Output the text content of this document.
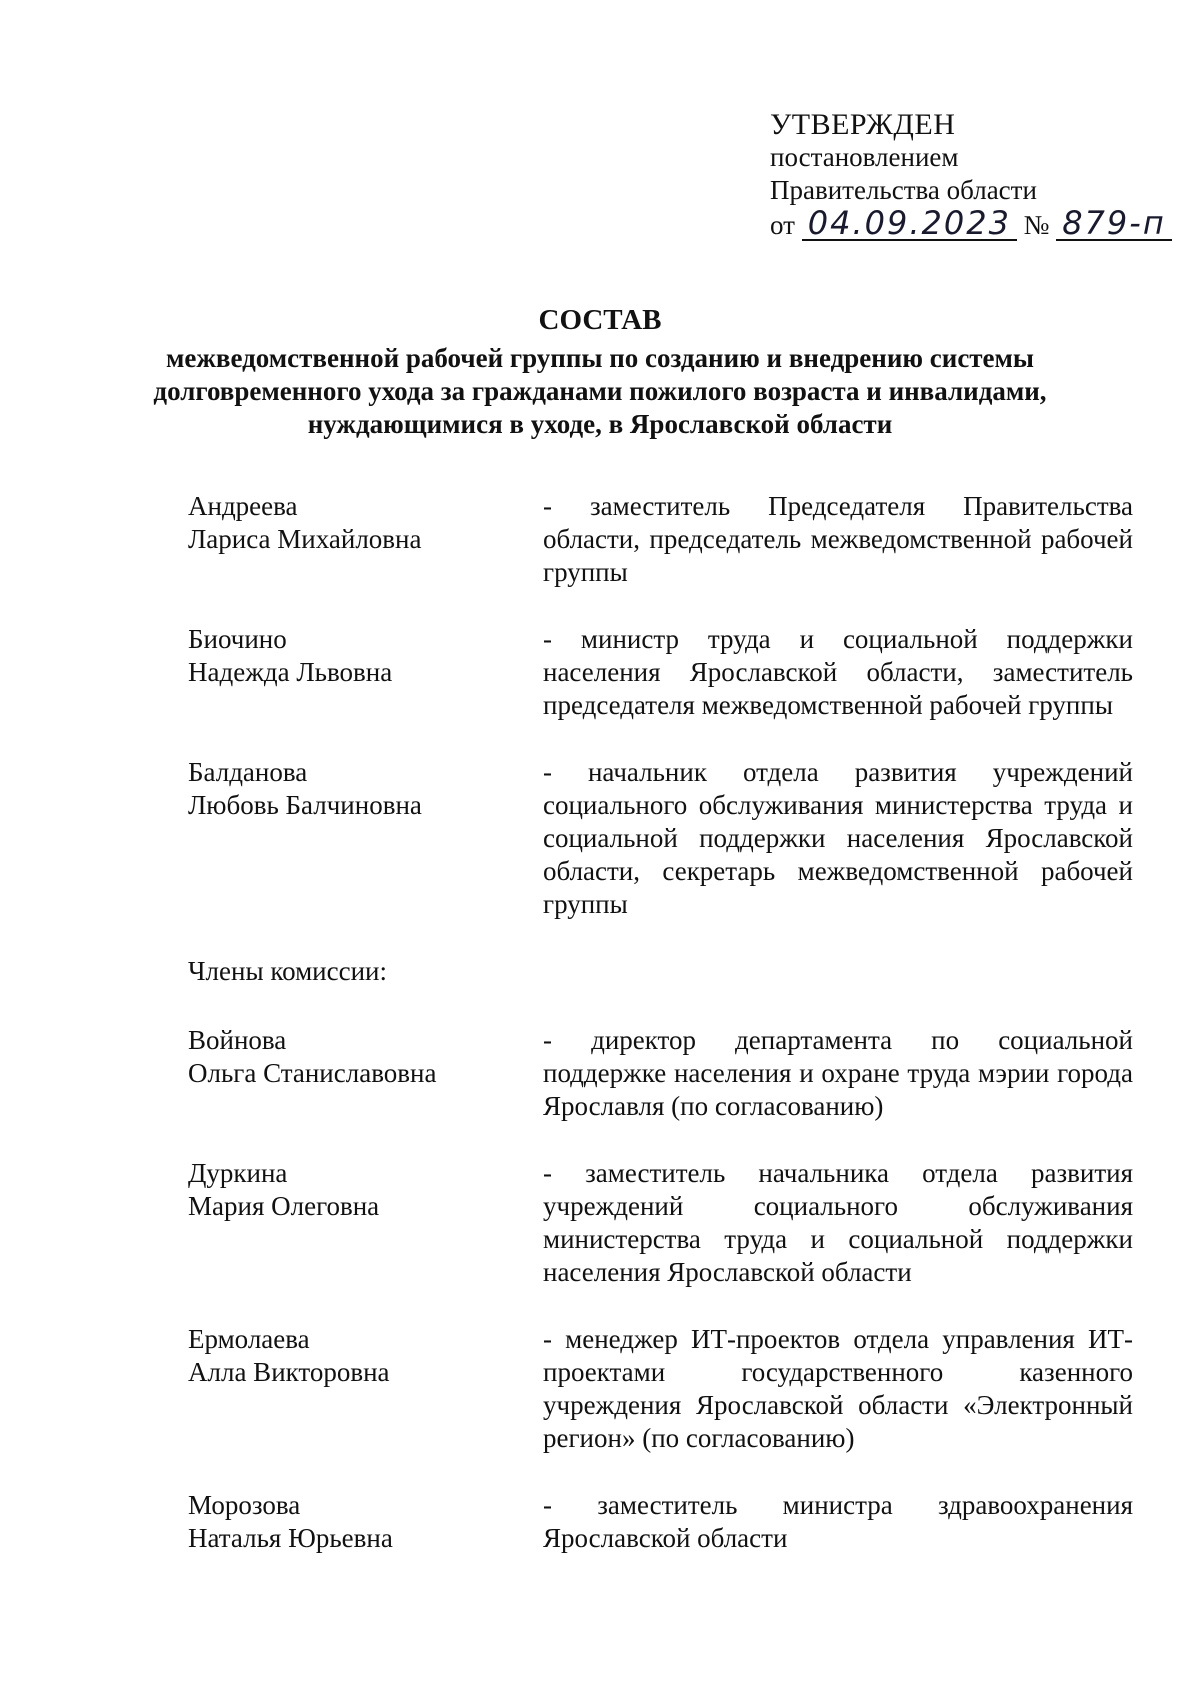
УТВЕРЖДЕН
постановлением
Правительства области
от 04.09.2023 № 879-п
СОСТАВ
межведомственной рабочей группы по созданию и внедрению системы долговременного ухода за гражданами пожилого возраста и инвалидами, нуждающимися в уходе, в Ярославской области
Андреева
Лариса Михайловна
- заместитель Председателя Правительства области, председатель межведомственной рабочей группы
Биочино
Надежда Львовна
- министр труда и социальной поддержки населения Ярославской области, заместитель председателя межведомственной рабочей группы
Балданова
Любовь Балчиновна
- начальник отдела развития учреждений социального обслуживания министерства труда и социальной поддержки населения Ярославской области, секретарь межведомственной рабочей группы
Члены комиссии:
Войнова
Ольга Станиславовна
- директор департамента по социальной поддержке населения и охране труда мэрии города Ярославля (по согласованию)
Дуркина
Мария Олеговна
- заместитель начальника отдела развития учреждений социального обслуживания министерства труда и социальной поддержки населения Ярославской области
Ермолаева
Алла Викторовна
- менеджер ИТ-проектов отдела управления ИТ-проектами государственного казенного учреждения Ярославской области «Электронный регион» (по согласованию)
Морозова
Наталья Юрьевна
- заместитель министра здравоохранения Ярославской области
